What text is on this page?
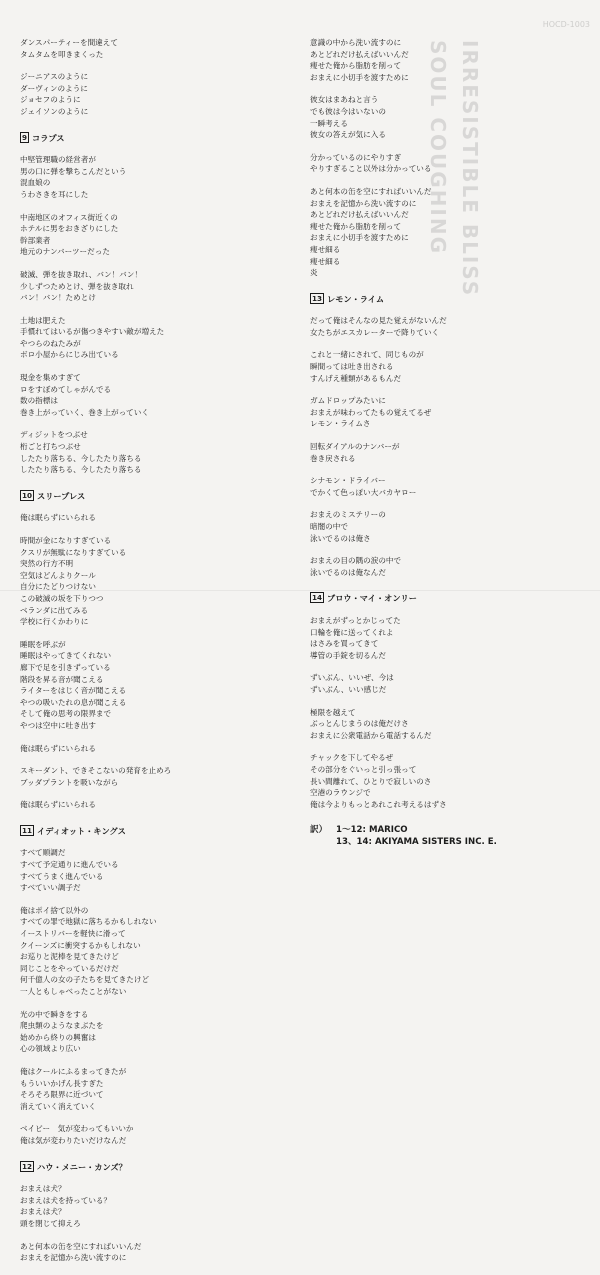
HOCD-1003
SOUL COUGHING IRRESISTIBLE BLISS
ダンスパーティーを間違えて
タムタムを叩きまくった
ジーニアスのように
ダーヴィンのように
ジョセフのように
ジェイソンのように
9 コラプス
中堅管理職の経営者が
男の口に弾を撃ちこんだという
混血娘の
うわさきを耳にした
中南地区のオフィス街近くの
ホテルに男をおきざりにした
幹部業者
地元のナンバーツーだった
破滅、弾を抜き取れ、バン！バン！
少しずつためとけ、弾を抜き取れ
バン！バン！ためとけ
土地は肥えた
手慣れてはいるが傷つきやすい敵が増えた
やつらのねたみが
ボロ小屋からにじみ出ている
現金を集めすぎて
ロをすぼめてしゃがんでる
数の指標は
巻き上がっていく、巻き上がっていく
ディジットをつぶせ
桁ごと打ちつぶせ
したたり落ちる、今したたり落ちる
したたり落ちる、今したたり落ちる
10 スリープレス
俺は眠らずにいられる
時間が金になりすぎている
クスリが無駄になりすぎている
突然の行方不明
空気はどんよりクール
自分にたどりつけない
この破滅の坂を下りつつ
ベランダに出てみる
学校に行くかわりに
睡眠を呼ぶが
睡眠はやってきてくれない
廊下で足を引きずっている
階段を昇る音が聞こえる
ライターをはじく音が聞こえる
やつの吸いたれの息が聞こえる
そして俺の思考の限界まで
やつは空中に吐き出す
俺は眠らずにいられる
スキーダント、できそこないの発育を止めろ
ブッダプラントを吸いながら
俺は眠らずにいられる
11 イディオット・キングス
すべて順調だ
すべて予定通りに進んでいる
すべてうまく進んでいる
すべていい調子だ
俺はポイ捨て以外の
すべての罪で地獄に落ちるかもしれない
イーストリバーを軽快に滑って
クイーンズに衝突するかもしれない
お巡りと泥棒を見てきたけど
同じことをやっているだけだ
何千億人の女の子たちを見てきたけど
一人ともしゃべったことがない
光の中で瞬きをする
爬虫類のようなまぶたを
始めから終りの興奮は
心の領域より広い
俺はクールにふるまってきたが
もういいかげん長すぎた
そろそろ限界に近づいて
消えていく消えていく
ベイビー　気が変わってもいいか
俺は気が変わりたいだけなんだ
12 ハウ・メニー・カンズ？
おまえは犬？
おまえは犬を持っている？
おまえは犬？
頭を閉じて抑えろ
あと何本の缶を空にすればいいんだ
おまえを記憶から洗い流すのに
意識の中から洗い流すのに
あとどれだけ払えばいいんだ
痩せた俺から脂肪を削って
おまえに小切手を渡すために
彼女はまあねと言う
でも彼は今はいないの
一瞬考える
彼女の答えが気に入る
分かっているのにやりすぎ
やりすぎること以外は分かっている
あと何本の缶を空にすればいいんだ
おまえを記憶から洗い流すのに
あとどれだけ払えばいいんだ
痩せた俺から脂肪を削って
おまえに小切手を渡すために
痩せ細る
痩せ細る
炎
13 レモン・ライム
だって俺はそんなの見た覚えがないんだ
女たちがエスカレーターで降りていく
これと一緒にされて、同じものが
瞬間っては吐き出される
すんげえ種類があるもんだ
ガムドロップみたいに
おまえが味わってたもの覚えてるぜ
レモン・ライムさ
回転ダイアルのナンバーが
巻き戻される
シナモン・ドライバー
でかくて色っぽい大バカヤロー
おまえのミステリーの
暗闇の中で
泳いでるのは俺さ
おまえの目の隅の涙の中で
泳いでるのは俺なんだ
14 ブロウ・マイ・オンリー
おまえがずっとかじってた
口輪を俺に送ってくれよ
はさみを買ってきて
導管の手錠を切るんだ
ずいぶん、いいぜ、今は
ずいぶん、いい感じだ
極限を越えて
ぶっとんじまうのは俺だけさ
おまえに公衆電話から電話するんだ
チャックを下してやるぜ
その部分をぐいっと引っ張って
長い間離れて、ひとりで寂しいのさ
空港のラウンジで
俺は今よりもっとあれこれ考えるはずさ
訳） 1〜12: MARICO
13、14: AKIYAMA SISTERS INC. E.
